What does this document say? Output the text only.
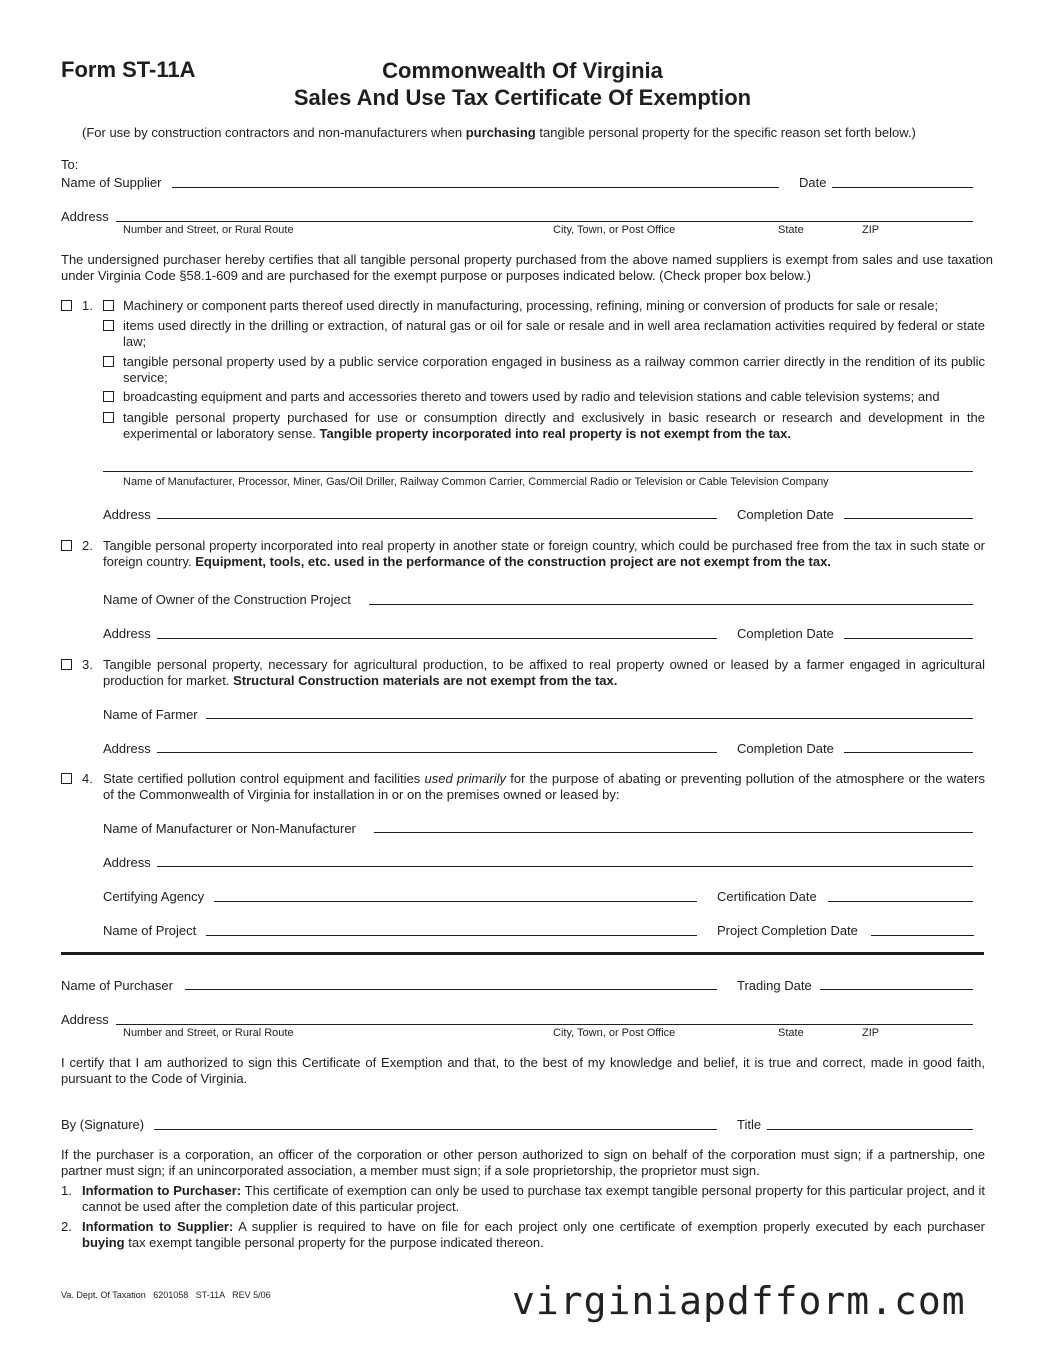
Form ST-11A	Commonwealth Of Virginia
Sales And Use Tax Certificate Of Exemption
(For use by construction contractors and non-manufacturers when purchasing tangible personal property for the specific reason set forth below.)
To:
Name of Supplier	Date
Address
Number and Street, or Rural Route	City, Town, or Post Office	State	ZIP
The undersigned purchaser hereby certifies that all tangible personal property purchased from the above named suppliers is exempt from sales and use taxation under Virginia Code §58.1-609 and are purchased for the exempt purpose or purposes indicated below. (Check proper box below.)
1. Machinery or component parts thereof used directly in manufacturing, processing, refining, mining or conversion of products for sale or resale;
items used directly in the drilling or extraction, of natural gas or oil for sale or resale and in well area reclamation activities required by federal or state law;
tangible personal property used by a public service corporation engaged in business as a railway common carrier directly in the rendition of its public service;
broadcasting equipment and parts and accessories thereto and towers used by radio and television stations and cable television systems; and
tangible personal property purchased for use or consumption directly and exclusively in basic research or research and development in the experimental or laboratory sense. Tangible property incorporated into real property is not exempt from the tax.
Name of Manufacturer, Processor, Miner, Gas/Oil Driller, Railway Common Carrier, Commercial Radio or Television or Cable Television Company
Address	Completion Date
2. Tangible personal property incorporated into real property in another state or foreign country, which could be purchased free from the tax in such state or foreign country. Equipment, tools, etc. used in the performance of the construction project are not exempt from the tax.
Name of Owner of the Construction Project
Address	Completion Date
3. Tangible personal property, necessary for agricultural production, to be affixed to real property owned or leased by a farmer engaged in agricultural production for market. Structural Construction materials are not exempt from the tax.
Name of Farmer
Address	Completion Date
4. State certified pollution control equipment and facilities used primarily for the purpose of abating or preventing pollution of the atmosphere or the waters of the Commonwealth of Virginia for installation in or on the premises owned or leased by:
Name of Manufacturer or Non-Manufacturer
Address
Certifying Agency	Certification Date
Name of Project	Project Completion Date
Name of Purchaser	Trading Date
Address
Number and Street, or Rural Route	City, Town, or Post Office	State	ZIP
I certify that I am authorized to sign this Certificate of Exemption and that, to the best of my knowledge and belief, it is true and correct, made in good faith, pursuant to the Code of Virginia.
By (Signature)	Title
If the purchaser is a corporation, an officer of the corporation or other person authorized to sign on behalf of the corporation must sign; if a partnership, one partner must sign; if an unincorporated association, a member must sign; if a sole proprietorship, the proprietor must sign.
1. Information to Purchaser: This certificate of exemption can only be used to purchase tax exempt tangible personal property for this particular project, and it cannot be used after the completion date of this particular project.
2. Information to Supplier: A supplier is required to have on file for each project only one certificate of exemption properly executed by each purchaser buying tax exempt tangible personal property for the purpose indicated thereon.
Va. Dept. Of Taxation   6201058   ST-11A   REV 5/06	virginiapdfform.com
